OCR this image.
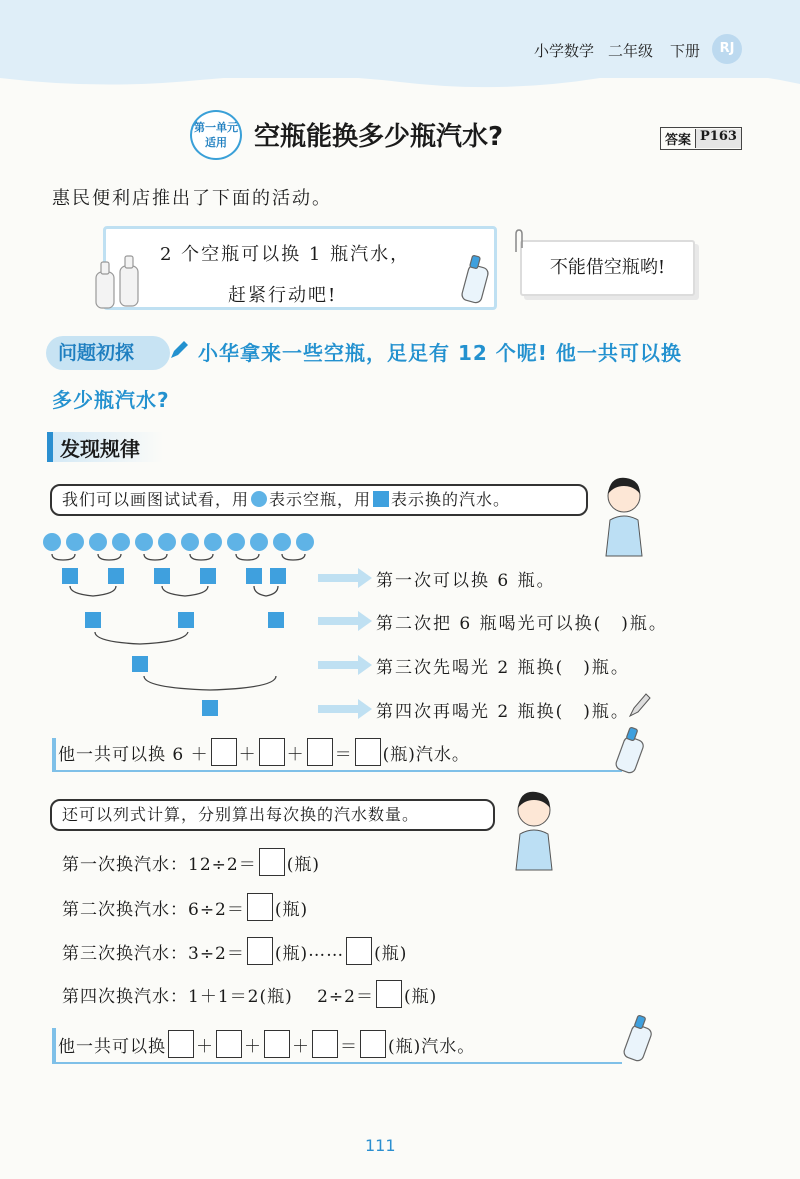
小学数学 二年级 下册	RJ
第一单元
适用	空瓶能换多少瓶汽水?	答案 P163
惠民便利店推出了下面的活动。
2 个空瓶可以换 1 瓶汽水，
赶紧行动吧!
不能借空瓶哟!
问题初探	小华拿来一些空瓶，足足有 12 个呢! 他一共可以换
多少瓶汽水?
发现规律
我们可以画图试试看，用 表示空瓶，用 表示换的汽水。
第一次可以换 6 瓶。
第二次把 6 瓶喝光可以换(　)瓶。
第三次先喝光 2 瓶换(　)瓶。
第四次再喝光 2 瓶换(　)瓶。
他一共可以换 6 ＋ ＋ ＋ ＝ (瓶)汽水。
还可以列式计算，分别算出每次换的汽水数量。
第一次换汽水： 12÷2＝ (瓶)
第二次换汽水： 6÷2＝ (瓶)
第三次换汽水： 3÷2＝ (瓶) …… (瓶)
第四次换汽水： 1＋1＝2(瓶)　 2÷2＝ (瓶)
他一共可以换 ＋ ＋ ＋ ＝ (瓶)汽水。
111
